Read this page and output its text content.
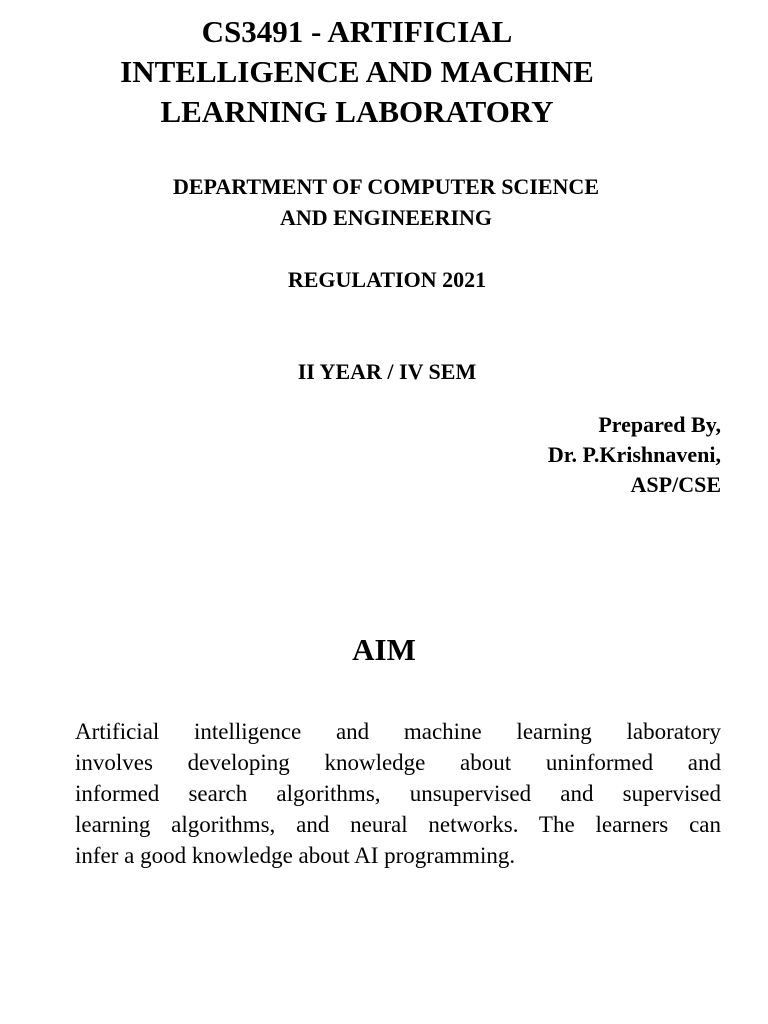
CS3491 - ARTIFICIAL
INTELLIGENCE AND MACHINE
LEARNING LABORATORY
DEPARTMENT OF COMPUTER SCIENCE
AND ENGINEERING

REGULATION 2021

II YEAR / IV SEM

Prepared By,
Dr. P.Krishnaveni,
ASP/CSE
AIM
Artificial intelligence and machine learning laboratory
involves developing knowledge about uninformed and
informed search algorithms, unsupervised and supervised
learning algorithms, and neural networks. The learners can
infer a good knowledge about AI programming.
